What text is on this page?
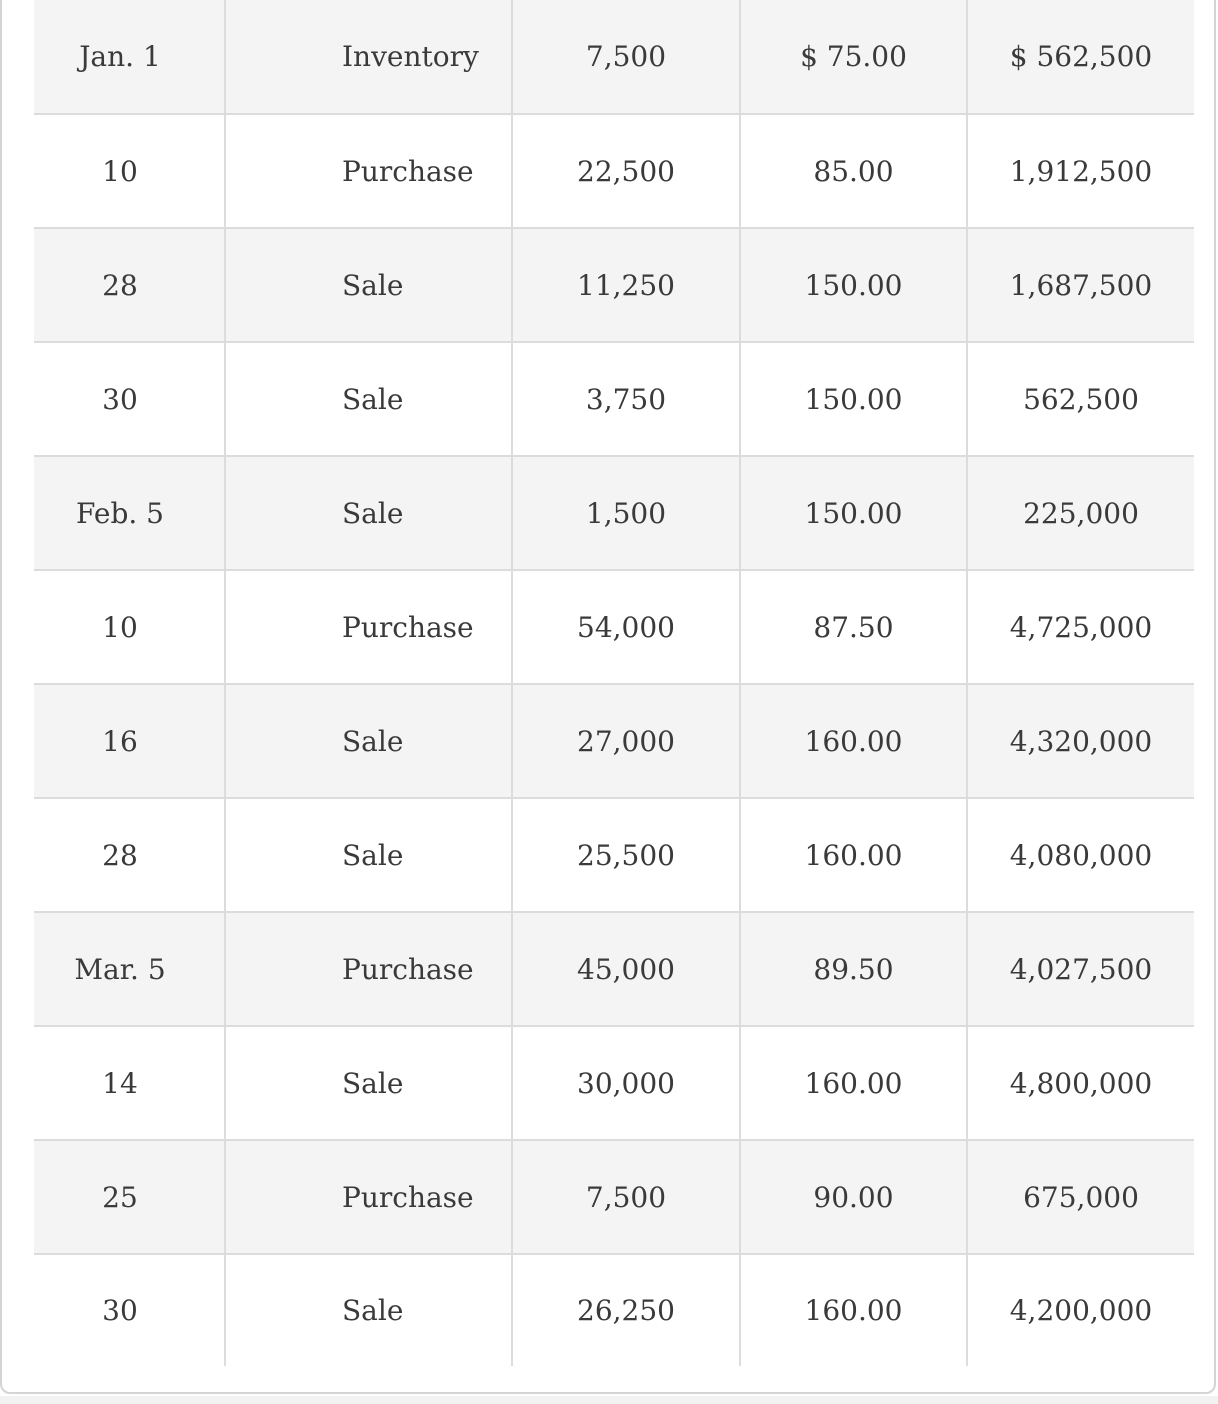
Jan. 1	Inventory	7,500	$ 75.00	$ 562,500
10	Purchase	22,500	85.00	1,912,500
28	Sale	11,250	150.00	1,687,500
30	Sale	3,750	150.00	562,500
Feb. 5	Sale	1,500	150.00	225,000
10	Purchase	54,000	87.50	4,725,000
16	Sale	27,000	160.00	4,320,000
28	Sale	25,500	160.00	4,080,000
Mar. 5	Purchase	45,000	89.50	4,027,500
14	Sale	30,000	160.00	4,800,000
25	Purchase	7,500	90.00	675,000
30	Sale	26,250	160.00	4,200,000
